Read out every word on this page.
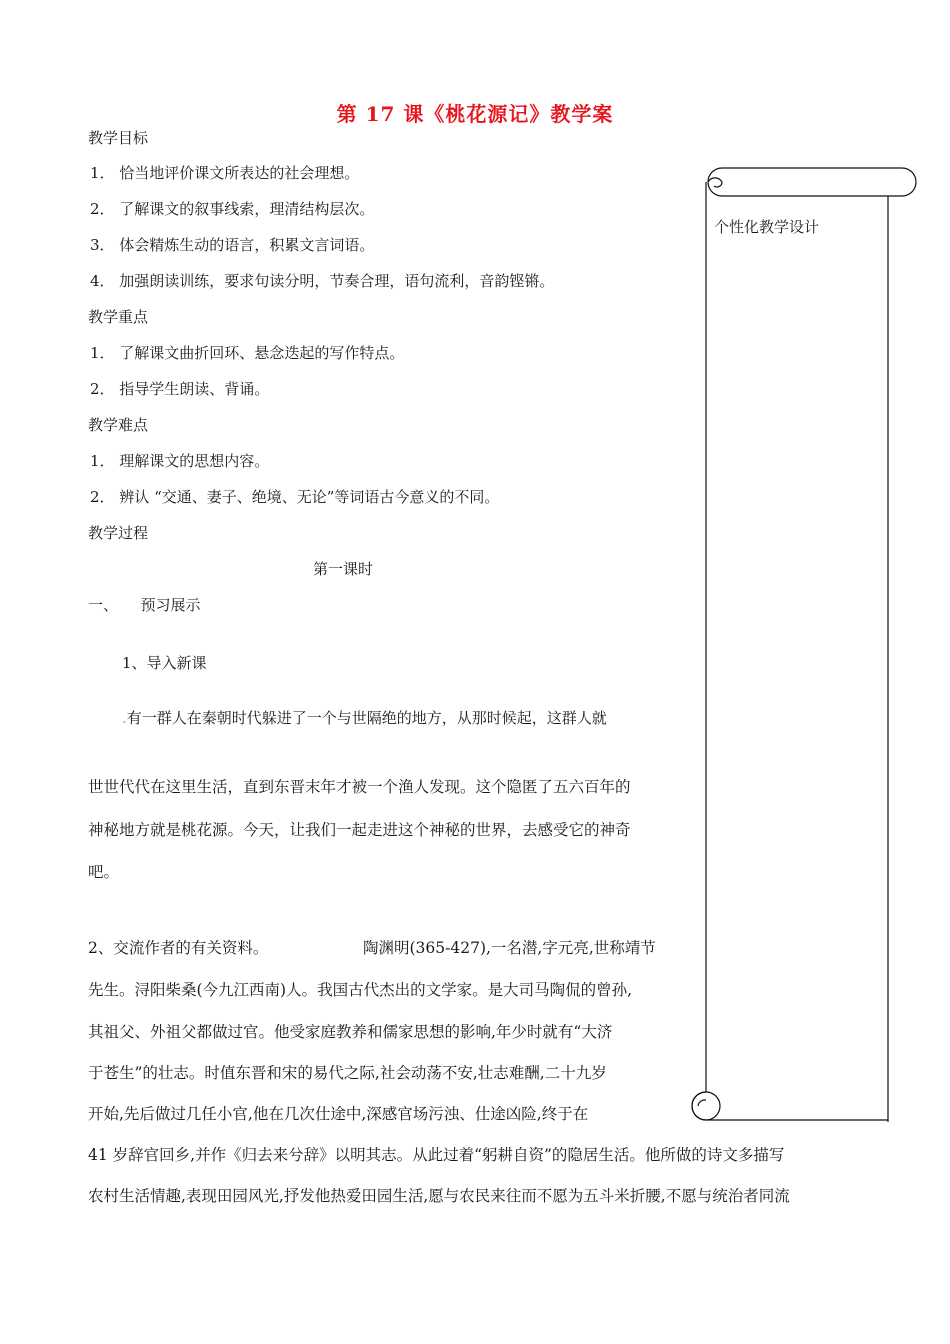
第 17 课《桃花源记》教学案
教学目标
1． 恰当地评价课文所表达的社会理想。
2． 了解课文的叙事线索，理清结构层次。
3． 体会精炼生动的语言，积累文言词语。
4． 加强朗读训练，要求句读分明，节奏合理，语句流利，音韵铿锵。
教学重点
1． 了解课文曲折回环、悬念迭起的写作特点。
2． 指导学生朗读、背诵。
教学难点
1． 理解课文的思想内容。
2． 辨认 “交通、妻子、绝境、无论”等词语古今意义的不同。
教学过程
第一课时
一、　　预习展示
1、导入新课
.有一群人在秦朝时代躲进了一个与世隔绝的地方，从那时候起，这群人就
世世代代在这里生活，直到东晋末年才被一个渔人发现。这个隐匿了五六百年的
神秘地方就是桃花源。今天，让我们一起走进这个神秘的世界，去感受它的神奇
吧。
2、交流作者的有关资料。	陶渊明(365-427),一名潜,字元亮,世称靖节
先生。浔阳柴桑(今九江西南)人。我国古代杰出的文学家。是大司马陶侃的曾孙,
其祖父、外祖父都做过官。他受家庭教养和儒家思想的影响,年少时就有“大济
于苍生”的壮志。时值东晋和宋的易代之际,社会动荡不安,壮志难酬,二十九岁
开始,先后做过几任小官,他在几次仕途中,深感官场污浊、仕途凶险,终于在
41 岁辞官回乡,并作《归去来兮辞》以明其志。从此过着“躬耕自资”的隐居生活。他所做的诗文多描写
农村生活情趣,表现田园风光,抒发他热爱田园生活,愿与农民来往而不愿为五斗米折腰,不愿与统治者同流
个性化教学设计
